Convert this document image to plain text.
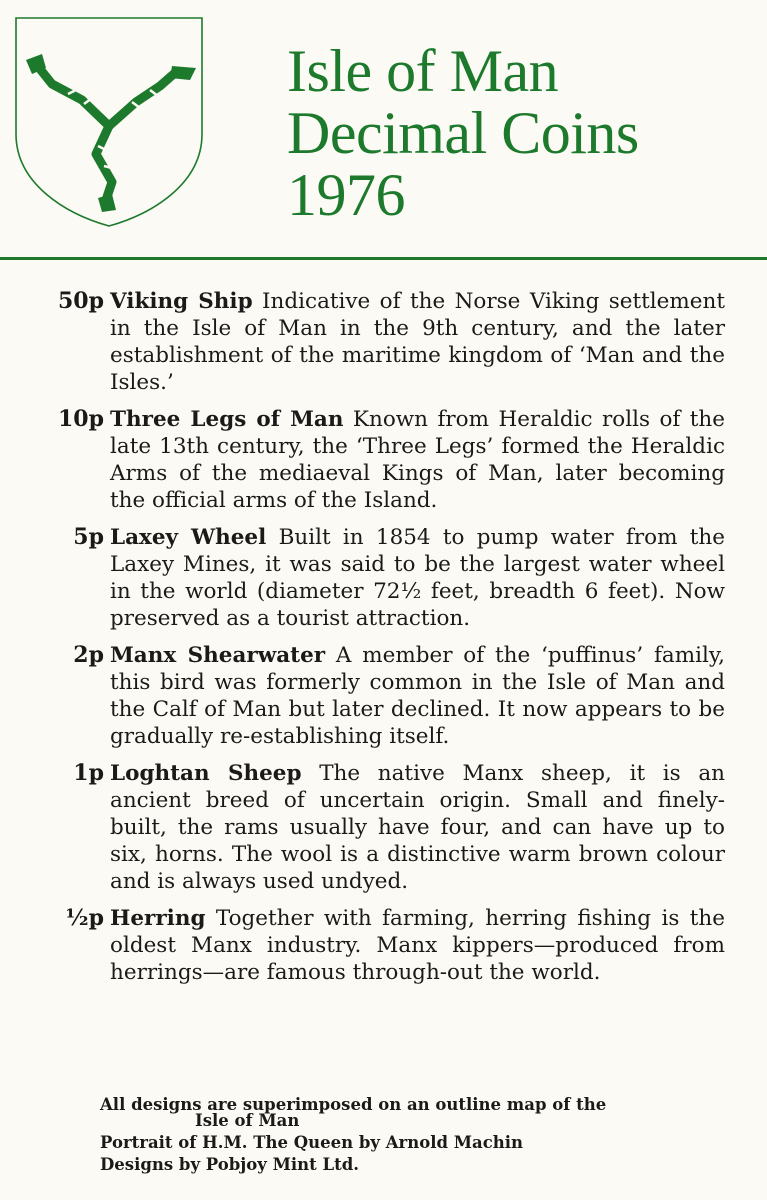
Isle of Man
Decimal Coins
1976
50p Viking Ship Indicative of the Norse Viking settlement in the Isle of Man in the 9th century, and the later establishment of the maritime kingdom of ‘Man and the Isles.’
10p Three Legs of Man Known from Heraldic rolls of the late 13th century, the ‘Three Legs’ formed the Heraldic Arms of the mediaeval Kings of Man, later becoming the official arms of the Island.
5p Laxey Wheel Built in 1854 to pump water from the Laxey Mines, it was said to be the largest water wheel in the world (diameter 72½ feet, breadth 6 feet). Now preserved as a tourist attraction.
2p Manx Shearwater A member of the ‘puffinus’ family, this bird was formerly common in the Isle of Man and the Calf of Man but later declined. It now appears to be gradually re-establishing itself.
1p Loghtan Sheep The native Manx sheep, it is an ancient breed of uncertain origin. Small and finely-built, the rams usually have four, and can have up to six, horns. The wool is a distinctive warm brown colour and is always used undyed.
½p Herring Together with farming, herring fishing is the oldest Manx industry. Manx kippers—produced from herrings—are famous through-out the world.
All designs are superimposed on an outline map of the
Isle of Man
Portrait of H.M. The Queen by Arnold Machin
Designs by Pobjoy Mint Ltd.
